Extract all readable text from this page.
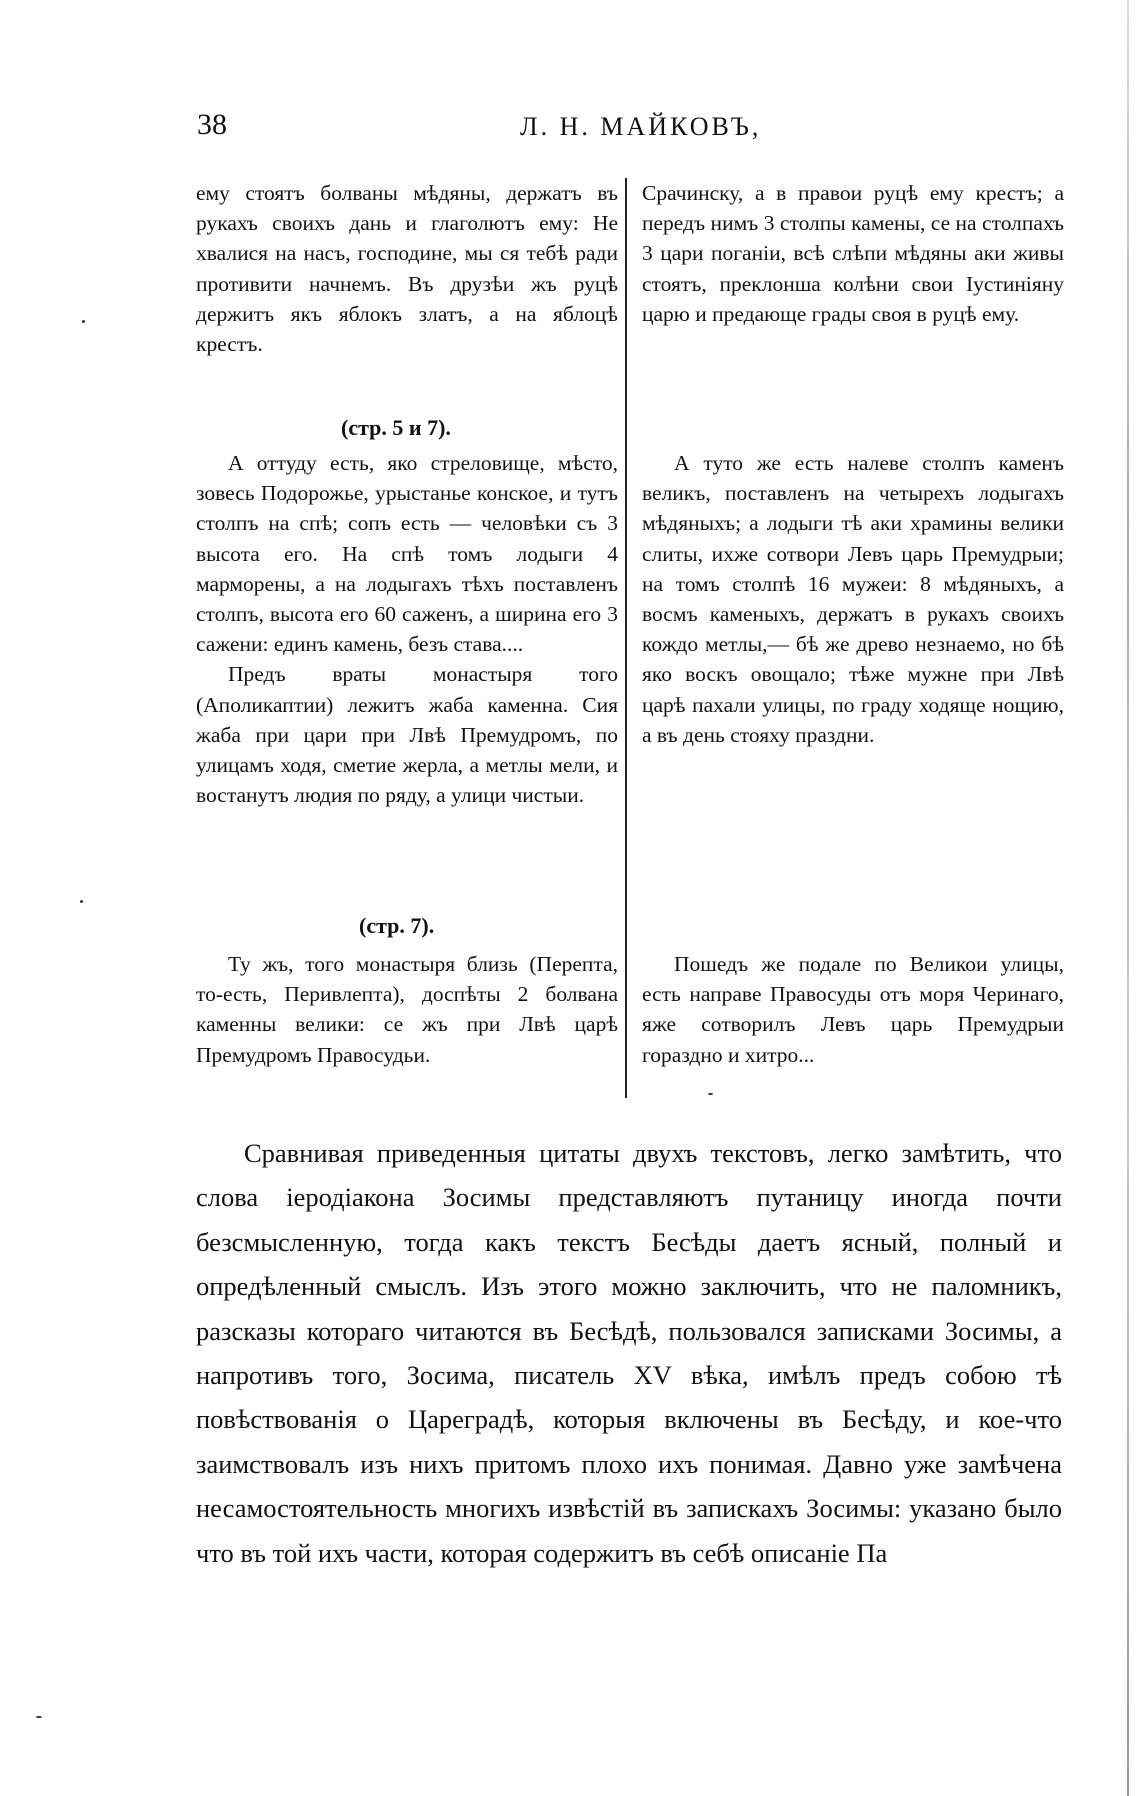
38	Л. Н. МАЙКОВЪ,

ему стоятъ болваны мѣдяны, держатъ въ рукахъ своихъ дань и глаголютъ ему: Не хвалися на насъ, господине, мы ся тебѣ ради противити начнемъ. Въ друзѣи жъ руцѣ держитъ якъ яблокъ златъ, а на яблоцѣ крестъ.

(стр. 5 и 7).

А оттуду есть, яко стреловище, мѣсто, зовесь Подорожье, урыстанье конское, и тутъ столпъ на спѣ; сопъ есть — человѣки съ 3 высота его. На спѣ томъ лодыги 4 марморены, а на лодыгахъ тѣхъ поставленъ столпъ, высота его 60 саженъ, а ширина его 3 сажени: единъ камень, безъ става....

Предъ враты монастыря того (Аполикаптии) лежитъ жаба каменна. Сия жаба при цари при Лвѣ Премудромъ, по улицамъ ходя, сметие жерла, а метлы мели, и востанутъ людия по ряду, а улици чистыи.

(стр. 7).

Ту жъ, того монастыря близь (Перепта, то-есть, Перивлепта), доспѣты 2 болвана каменны велики: се жъ при Лвѣ царѣ Премудромъ Правосудьи.

Срачинску, а в правои руцѣ ему крестъ; а передъ нимъ 3 столпы камены, се на столпахъ 3 цари поганіи, всѣ слѣпи мѣдяны аки живы стоятъ, преклонша колѣни свои Іустиніяну царю и предающе грады своя в руцѣ ему.

А туто же есть налеве столпъ каменъ великъ, поставленъ на четырехъ лодыгахъ мѣдяныхъ; а лодыги тѣ аки храмины велики слиты, ихже сотвори Левъ царь Премудрыи; на томъ столпѣ 16 мужеи: 8 мѣдяныхъ, а восмъ каменыхъ, держатъ в рукахъ своихъ кождо метлы,— бѣ же древо незнаемо, но бѣ яко воскъ овощало; тѣже мужне при Лвѣ царѣ пахали улицы, по граду ходяще нощию, а въ день стояху праздни.

Пошедъ же подале по Великои улицы, есть направе Правосуды отъ моря Черинаго, яже сотворилъ Левъ царь Премудрыи гораздно и хитро...

Сравнивая приведенныя цитаты двухъ текстовъ, легко замѣтить, что слова іеродіакона Зосимы представляютъ путаницу иногда почти безсмысленную, тогда какъ текстъ Бесѣды даетъ ясный, полный и опредѣленный смыслъ. Изъ этого можно заключить, что не паломникъ, разсказы котораго читаются въ Бесѣдѣ, пользовался записками Зосимы, а напротивъ того, Зосима, писатель XV вѣка, имѣлъ предъ собою тѣ повѣствованія о Цареградѣ, которыя включены въ Бесѣду, и кое-что заимствовалъ изъ нихъ притомъ плохо ихъ понимая. Давно уже замѣчена несамостоятельность многихъ извѣстій въ запискахъ Зосимы: указано было что въ той ихъ части, которая содержитъ въ себѣ описаніе Па
